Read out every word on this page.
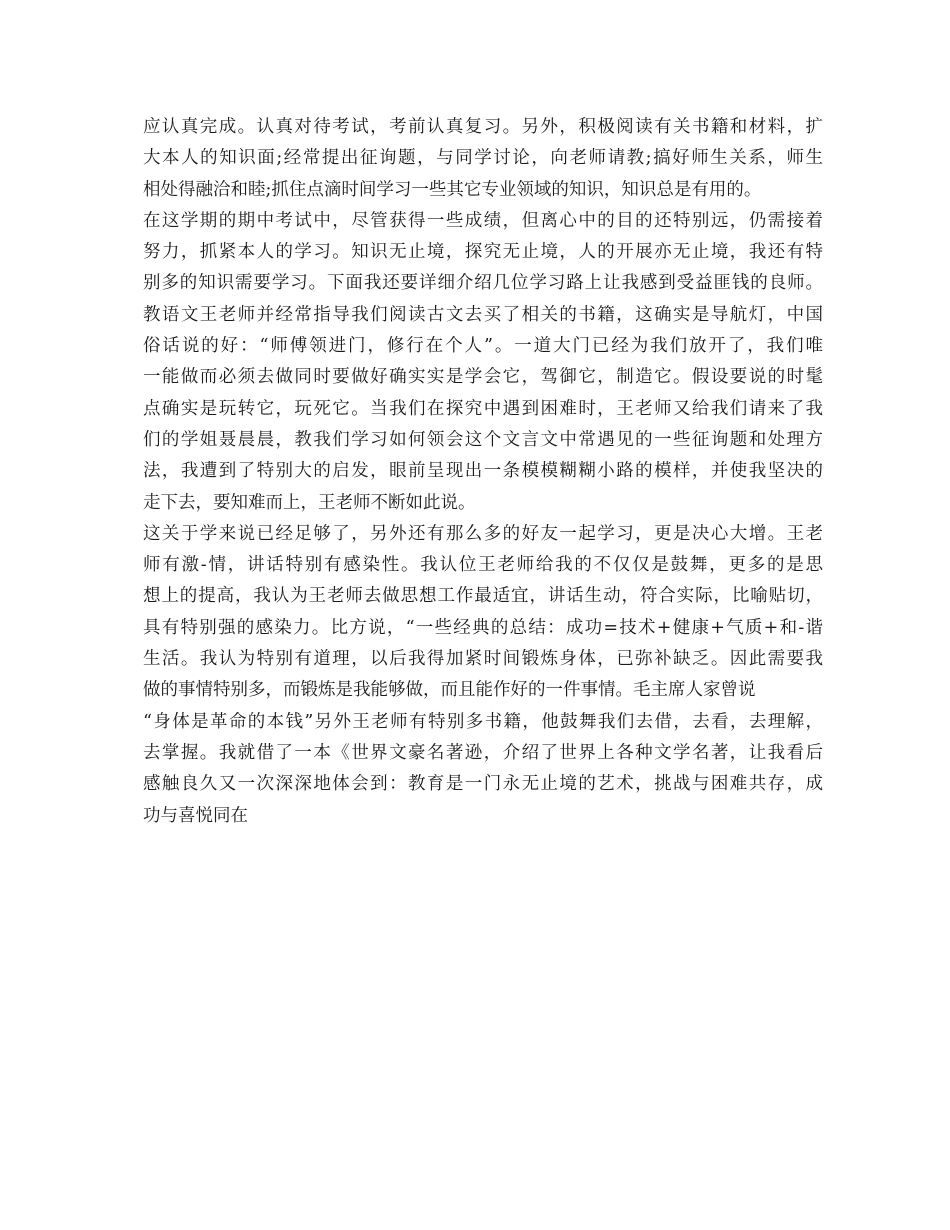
应认真完成。认真对待考试，考前认真复习。另外，积极阅读有关书籍和材料，扩
大本人的知识面;经常提出征询题，与同学讨论，向老师请教;搞好师生关系，师生
相处得融洽和睦;抓住点滴时间学习一些其它专业领域的知识，知识总是有用的。
在这学期的期中考试中，尽管获得一些成绩，但离心中的目的还特别远，仍需接着
努力，抓紧本人的学习。知识无止境，探究无止境，人的开展亦无止境，我还有特
别多的知识需要学习。下面我还要详细介绍几位学习路上让我感到受益匪钱的良师。
教语文王老师并经常指导我们阅读古文去买了相关的书籍，这确实是导航灯，中国
俗话说的好：“师傅领进门，修行在个人”。一道大门已经为我们放开了，我们唯
一能做而必须去做同时要做好确实实是学会它，驾御它，制造它。假设要说的时髦
点确实是玩转它，玩死它。当我们在探究中遇到困难时，王老师又给我们请来了我
们的学姐聂晨晨，教我们学习如何领会这个文言文中常遇见的一些征询题和处理方
法，我遭到了特别大的启发，眼前呈现出一条模模糊糊小路的模样，并使我坚决的
走下去，要知难而上，王老师不断如此说。
这关于学来说已经足够了，另外还有那么多的好友一起学习，更是决心大增。王老
师有激-情，讲话特别有感染性。我认位王老师给我的不仅仅是鼓舞，更多的是思
想上的提高，我认为王老师去做思想工作最适宜，讲话生动，符合实际，比喻贴切，
具有特别强的感染力。比方说，“一些经典的总结：成功=技术+健康+气质+和-谐
生活。我认为特别有道理，以后我得加紧时间锻炼身体，已弥补缺乏。因此需要我
做的事情特别多，而锻炼是我能够做，而且能作好的一件事情。毛主席人家曾说
“身体是革命的本钱”另外王老师有特别多书籍，他鼓舞我们去借，去看，去理解，
去掌握。我就借了一本《世界文豪名著逊，介绍了世界上各种文学名著，让我看后
感触良久又一次深深地体会到：教育是一门永无止境的艺术，挑战与困难共存，成
功与喜悦同在
